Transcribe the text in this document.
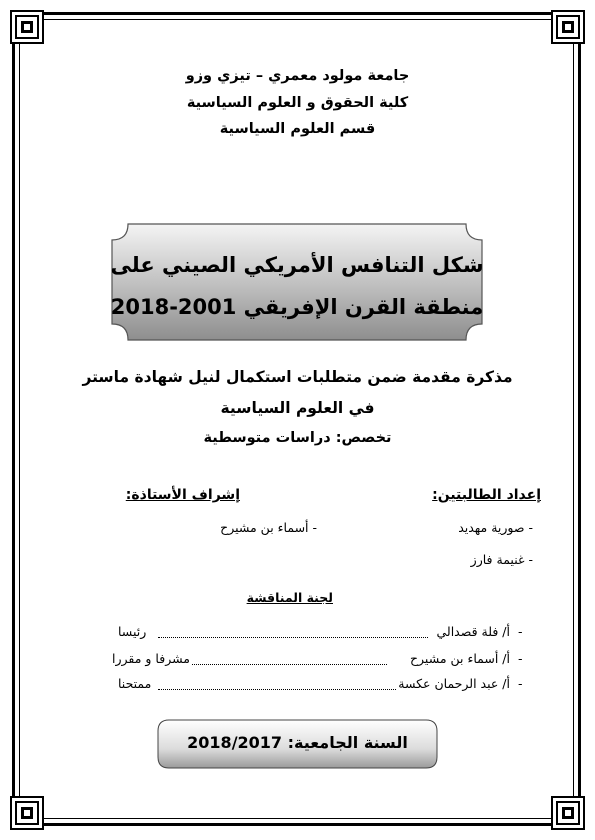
جامعة مولود معمري – تيزي وزو
كلية الحقوق و العلوم السياسية
قسم العلوم السياسية
شكل التنافس الأمريكي الصيني على
منطقة القرن الإفريقي 2001-2018
مذكرة مقدمة ضمن متطلبات استكمال لنيل شهادة ماستر
في العلوم السياسية
تخصص: دراسات متوسطية
إعداد الطالبتين:
- صورية مهديد
- غنيمة فارز
إشراف الأستاذة:
- أسماء بن مشيرح
لجنة المناقشة
-
أ/ فلة قصدالي
رئيسا
-
أ/ أسماء بن مشيرح
مشرفا و مقررا
-
أ/ عبد الرحمان عكسة
ممتحنا
السنة الجامعية: 2018/2017
